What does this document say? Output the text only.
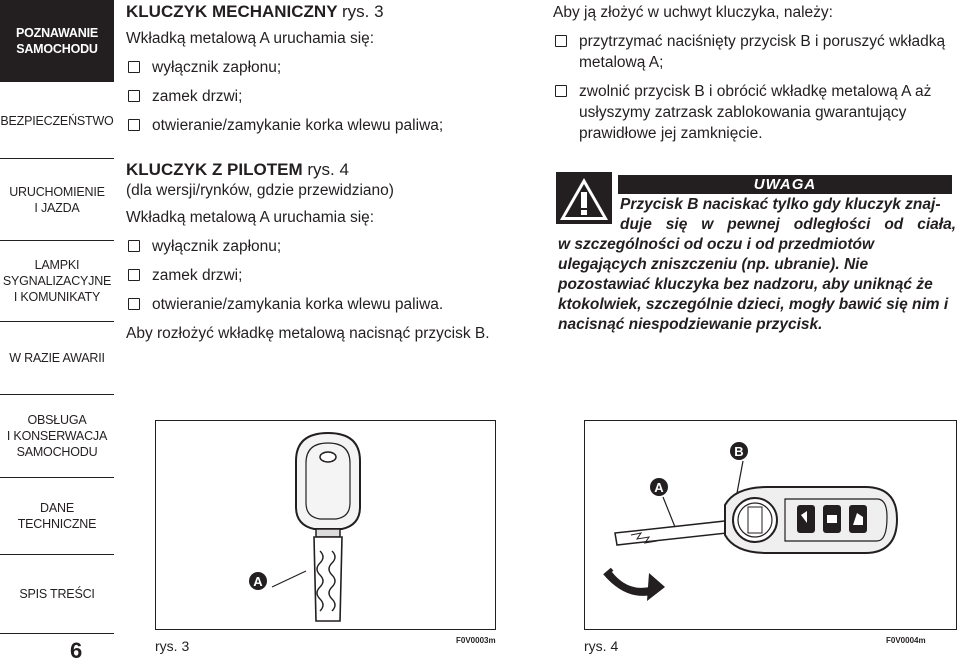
POZNAWANIE
SAMOCHODU
BEZPIECZEŃSTWO
URUCHOMIENIE
I JAZDA
LAMPKI
SYGNALIZACYJNE
I KOMUNIKATY
W RAZIE AWARII
OBSŁUGA
I KONSERWACJA
SAMOCHODU
DANE
TECHNICZNE
SPIS TREŚCI
6
KLUCZYK MECHANICZNY rys. 3
Wkładką metalową A uruchamia się:
wyłącznik zapłonu;
zamek drzwi;
otwieranie/zamykanie korka wlewu paliwa;
KLUCZYK Z PILOTEM rys. 4
(dla wersji/rynków, gdzie przewidziano)
Wkładką metalową A uruchamia się:
wyłącznik zapłonu;
zamek drzwi;
otwieranie/zamykania korka wlewu paliwa.
Aby rozłożyć wkładkę metalową nacisnąć przycisk B.
Aby ją złożyć w uchwyt kluczyka, należy:
przytrzymać naciśnięty przycisk B i poruszyć wkładką metalową A;
zwolnić przycisk B i obrócić wkładkę metalową A aż usłyszymy zatrzask zablokowania gwarantujący prawidłowe jej zamknięcie.
UWAGA
Przycisk B naciskać tylko gdy kluczyk znaj-
duje się w pewnej odległości od ciała,
w szczególności od oczu i od przedmiotów ulegających zniszczeniu (np. ubranie). Nie pozostawiać kluczyka bez nadzoru, aby uniknąć że ktokolwiek, szczególnie dzieci, mogły bawić się nim i nacisnąć niespodziewanie przycisk.
A
rys. 3	F0V0003m
B
A
rys. 4	F0V0004m
